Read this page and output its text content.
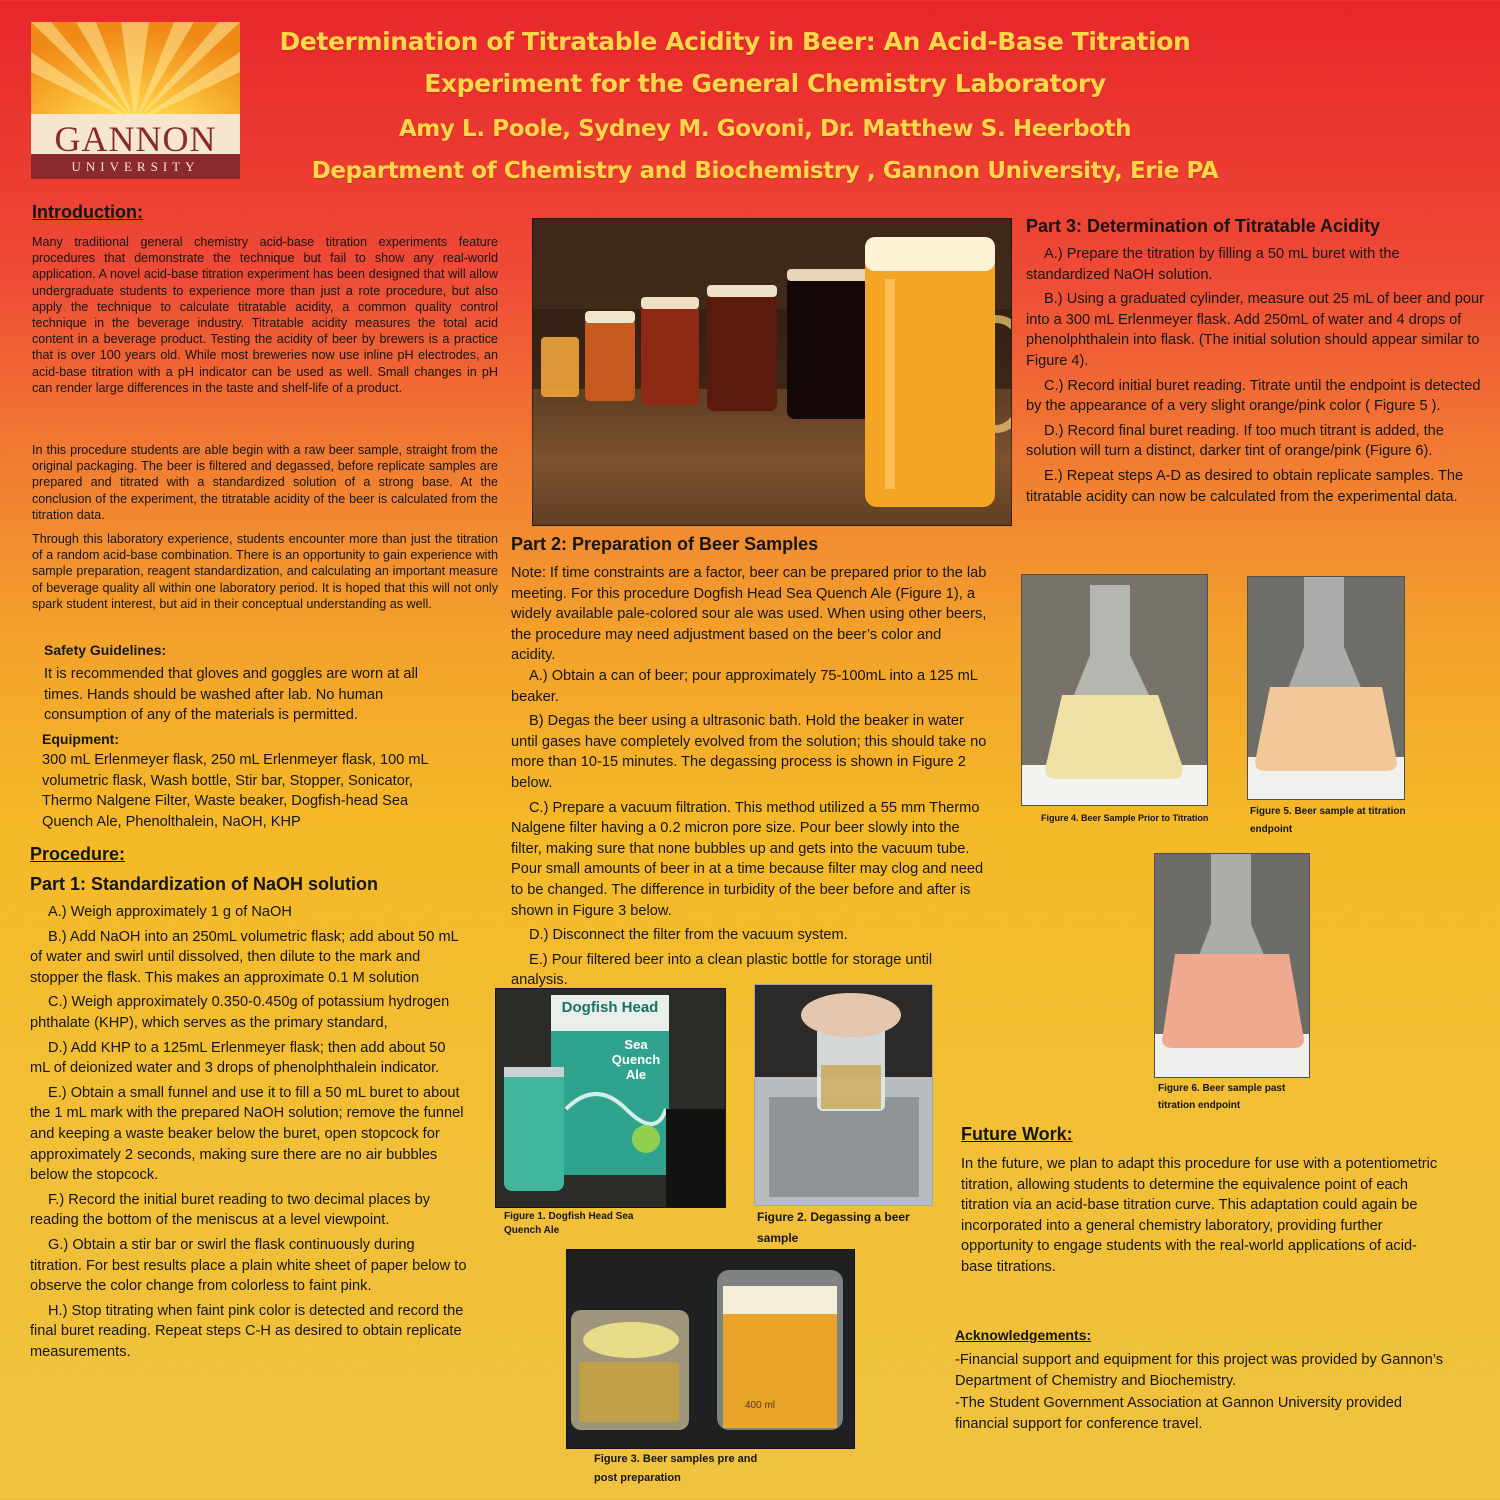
GANNON
UNIVERSITY
Determination of Titratable Acidity in Beer: An Acid-Base Titration
Experiment for the General Chemistry Laboratory
Amy L. Poole, Sydney M. Govoni, Dr. Matthew S. Heerboth
Department of Chemistry and Biochemistry , Gannon University, Erie PA
Introduction:

Many traditional general chemistry acid-base titration experiments feature procedures that demonstrate the technique but fail to show any real-world application. A novel acid-base titration experiment has been designed that will allow undergraduate students to experience more than just a rote procedure, but also apply the technique to calculate titratable acidity, a common quality control technique in the beverage industry. Titratable acidity measures the total acid content in a beverage product. Testing the acidity of beer by brewers is a practice that is over 100 years old. While most breweries now use inline pH electrodes, an acid-base titration with a pH indicator can be used as well. Small changes in pH can render large differences in the taste and shelf-life of a product.

In this procedure students are able begin with a raw beer sample, straight from the original packaging. The beer is filtered and degassed, before replicate samples are prepared and titrated with a standardized solution of a strong base. At the conclusion of the experiment, the titratable acidity of the beer is calculated from the titration data.

Through this laboratory experience, students encounter more than just the titration of a random acid-base combination. There is an opportunity to gain experience with sample preparation, reagent standardization, and calculating an important measure of beverage quality all within one laboratory period. It is hoped that this will not only spark student interest, but aid in their conceptual understanding as well.

Safety Guidelines:

It is recommended that gloves and goggles are worn at all times. Hands should be washed after lab. No human consumption of any of the materials is permitted.

Equipment:

300 mL Erlenmeyer flask, 250 mL Erlenmeyer flask, 100 mL volumetric flask, Wash bottle, Stir bar, Stopper, Sonicator, Thermo Nalgene Filter, Waste beaker, Dogfish-head Sea Quench Ale, Phenolthalein, NaOH, KHP

Procedure:
Part 1: Standardization of NaOH solution

A.) Weigh approximately 1 g of NaOH

B.) Add NaOH into an 250mL volumetric flask; add about 50 mL of water and swirl until dissolved, then dilute to the mark and stopper the flask. This makes an approximate 0.1 M solution

C.) Weigh approximately 0.350-0.450g of potassium hydrogen phthalate (KHP), which serves as the primary standard,

D.) Add KHP to a 125mL Erlenmeyer flask; then add about 50 mL of deionized water and 3 drops of phenolphthalein indicator.

E.) Obtain a small funnel and use it to fill a 50 mL buret to about the 1 mL mark with the prepared NaOH solution; remove the funnel and keeping a waste beaker below the buret, open stopcock for approximately 2 seconds, making sure there are no air bubbles below the stopcock.

F.) Record the initial buret reading to two decimal places by reading the bottom of the meniscus at a level viewpoint.

G.) Obtain a stir bar or swirl the flask continuously during titration. For best results place a plain white sheet of paper below to observe the color change from colorless to faint pink.

H.) Stop titrating when faint pink color is detected and record the final buret reading. Repeat steps C-H as desired to obtain replicate measurements.

Part 2: Preparation of Beer Samples

Note: If time constraints are a factor, beer can be prepared prior to the lab meeting. For this procedure Dogfish Head Sea Quench Ale (Figure 1), a widely available pale-colored sour ale was used. When using other beers, the procedure may need adjustment based on the beer’s color and acidity.

A.) Obtain a can of beer; pour approximately 75-100mL into a 125 mL beaker.

B) Degas the beer using a ultrasonic bath. Hold the beaker in water until gases have completely evolved from the solution; this should take no more than 10-15 minutes. The degassing process is shown in Figure 2 below.

C.) Prepare a vacuum filtration. This method utilized a 55 mm Thermo Nalgene filter having a 0.2 micron pore size. Pour beer slowly into the filter, making sure that none bubbles up and gets into the vacuum tube. Pour small amounts of beer in at a time because filter may clog and need to be changed. The difference in turbidity of the beer before and after is shown in Figure 3 below.

D.) Disconnect the filter from the vacuum system.

E.) Pour filtered beer into a clean plastic bottle for storage until analysis.

Dogfish Head
Sea Quench Ale
Figure 1. Dogfish Head Sea Quench Ale
Figure 2. Degassing a beer sample
400 ml
Figure 3. Beer samples pre and post preparation
Part 3: Determination of Titratable Acidity

A.) Prepare the titration by filling a 50 mL buret with the standardized NaOH solution.

B.) Using a graduated cylinder, measure out 25 mL of beer and pour into a 300 mL Erlenmeyer flask. Add 250mL of water and 4 drops of phenolphthalein into flask. (The initial solution should appear similar to Figure 4).

C.) Record initial buret reading. Titrate until the endpoint is detected by the appearance of a very slight orange/pink color ( Figure 5 ).

D.) Record final buret reading. If too much titrant is added, the solution will turn a distinct, darker tint of orange/pink (Figure 6).

E.) Repeat steps A-D as desired to obtain replicate samples. The titratable acidity can now be calculated from the experimental data.

Figure 4. Beer Sample Prior to Titration
Figure 5. Beer sample at titration endpoint
Figure 6. Beer sample past titration endpoint
Future Work:

In the future, we plan to adapt this procedure for use with a potentiometric titration, allowing students to determine the equivalence point of each titration via an acid-base titration curve. This adaptation could again be incorporated into a general chemistry laboratory, providing further opportunity to engage students with the real-world applications of acid-base titrations.

Acknowledgements:

-Financial support and equipment for this project was provided by Gannon’s Department of Chemistry and Biochemistry.

-The Student Government Association at Gannon University provided financial support for conference travel.
